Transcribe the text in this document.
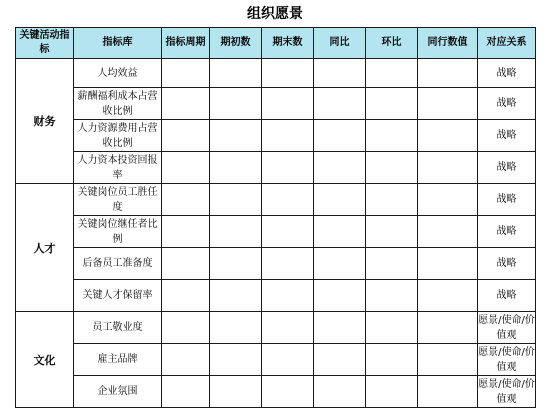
组织愿景
关键活动指标	指标库	指标周期	期初数	期末数	同比	环比	同行数值	对应关系

财务	人均效益							战略

	薪酬福利成本占营收比例							战略

	人力资源费用占营收比例							战略

	人力资本投资回报率							战略

人才	关键岗位员工胜任度							战略

	关键岗位继任者比例							战略

	后备员工准备度							战略

	关键人才保留率							战略

文化	员工敬业度							愿景/使命/价值观

	雇主品牌							愿景/使命/价值观

	企业氛围							愿景/使命/价值观
